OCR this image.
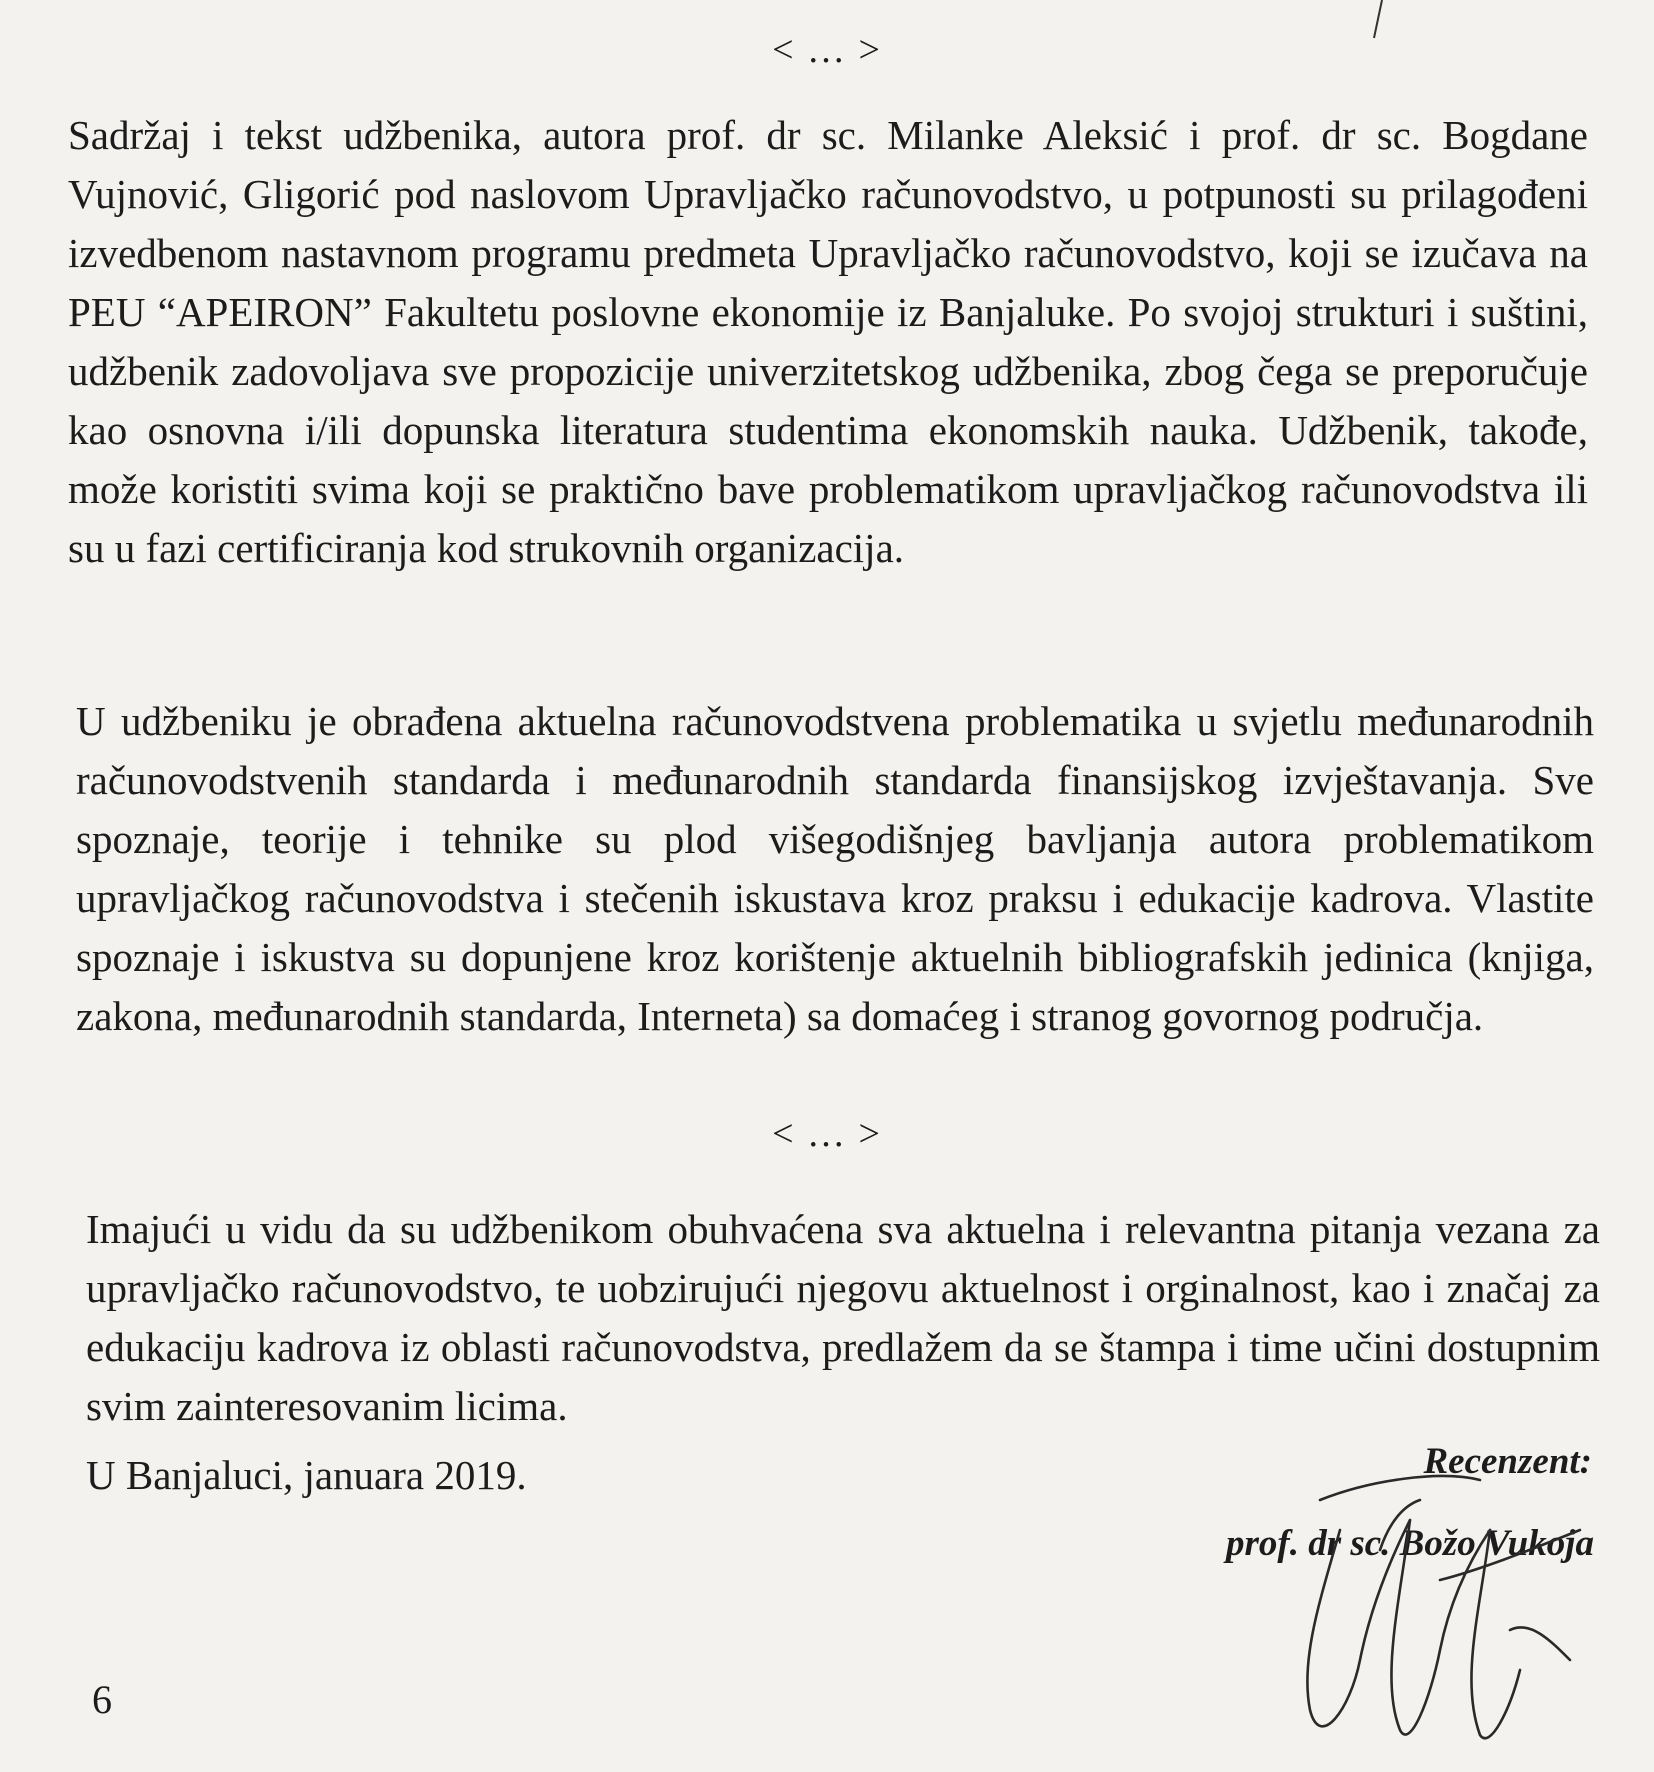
< … >

Sadržaj i tekst udžbenika, autora prof. dr sc. Milanke Aleksić i prof. dr sc. Bogdane Vujnović, Gligorić pod naslovom Upravljačko računovodstvo, u potpunosti su prilagođeni izvedbenom nastavnom programu predmeta Upravljačko računovodstvo, koji se izučava na PEU “APEIRON” Fakultetu poslovne ekonomije iz Banjaluke. Po svojoj strukturi i suštini, udžbenik zadovoljava sve propozicije univerzitetskog udžbenika, zbog čega se preporučuje kao osnovna i/ili dopunska literatura studentima ekonomskih nauka. Udžbenik, takođe, može koristiti svima koji se praktično bave problematikom upravljačkog računovodstva ili su u fazi certificiranja kod strukovnih organizacija.

U udžbeniku je obrađena aktuelna računovodstvena problematika u svjetlu međunarodnih računovodstvenih standarda i međunarodnih standarda finansijskog izvještavanja. Sve spoznaje, teorije i tehnike su plod višegodišnjeg bavljanja autora problematikom upravljačkog računovodstva i stečenih iskustava kroz praksu i edukacije kadrova. Vlastite spoznaje i iskustva su dopunjene kroz korištenje aktuelnih bibliografskih jedinica (knjiga, zakona, međunarodnih standarda, Interneta) sa domaćeg i stranog govornog područja.

< … >

Imajući u vidu da su udžbenikom obuhvaćena sva aktuelna i relevantna pitanja vezana za upravljačko računovodstvo, te uobzirujući njegovu aktuelnost i orginalnost, kao i značaj za edukaciju kadrova iz oblasti računovodstva, predlažem da se štampa i time učini dostupnim svim zainteresovanim licima.

U Banjaluci, januara 2019.	Recenzent:
prof. dr sc. Božo Vukoja
6
